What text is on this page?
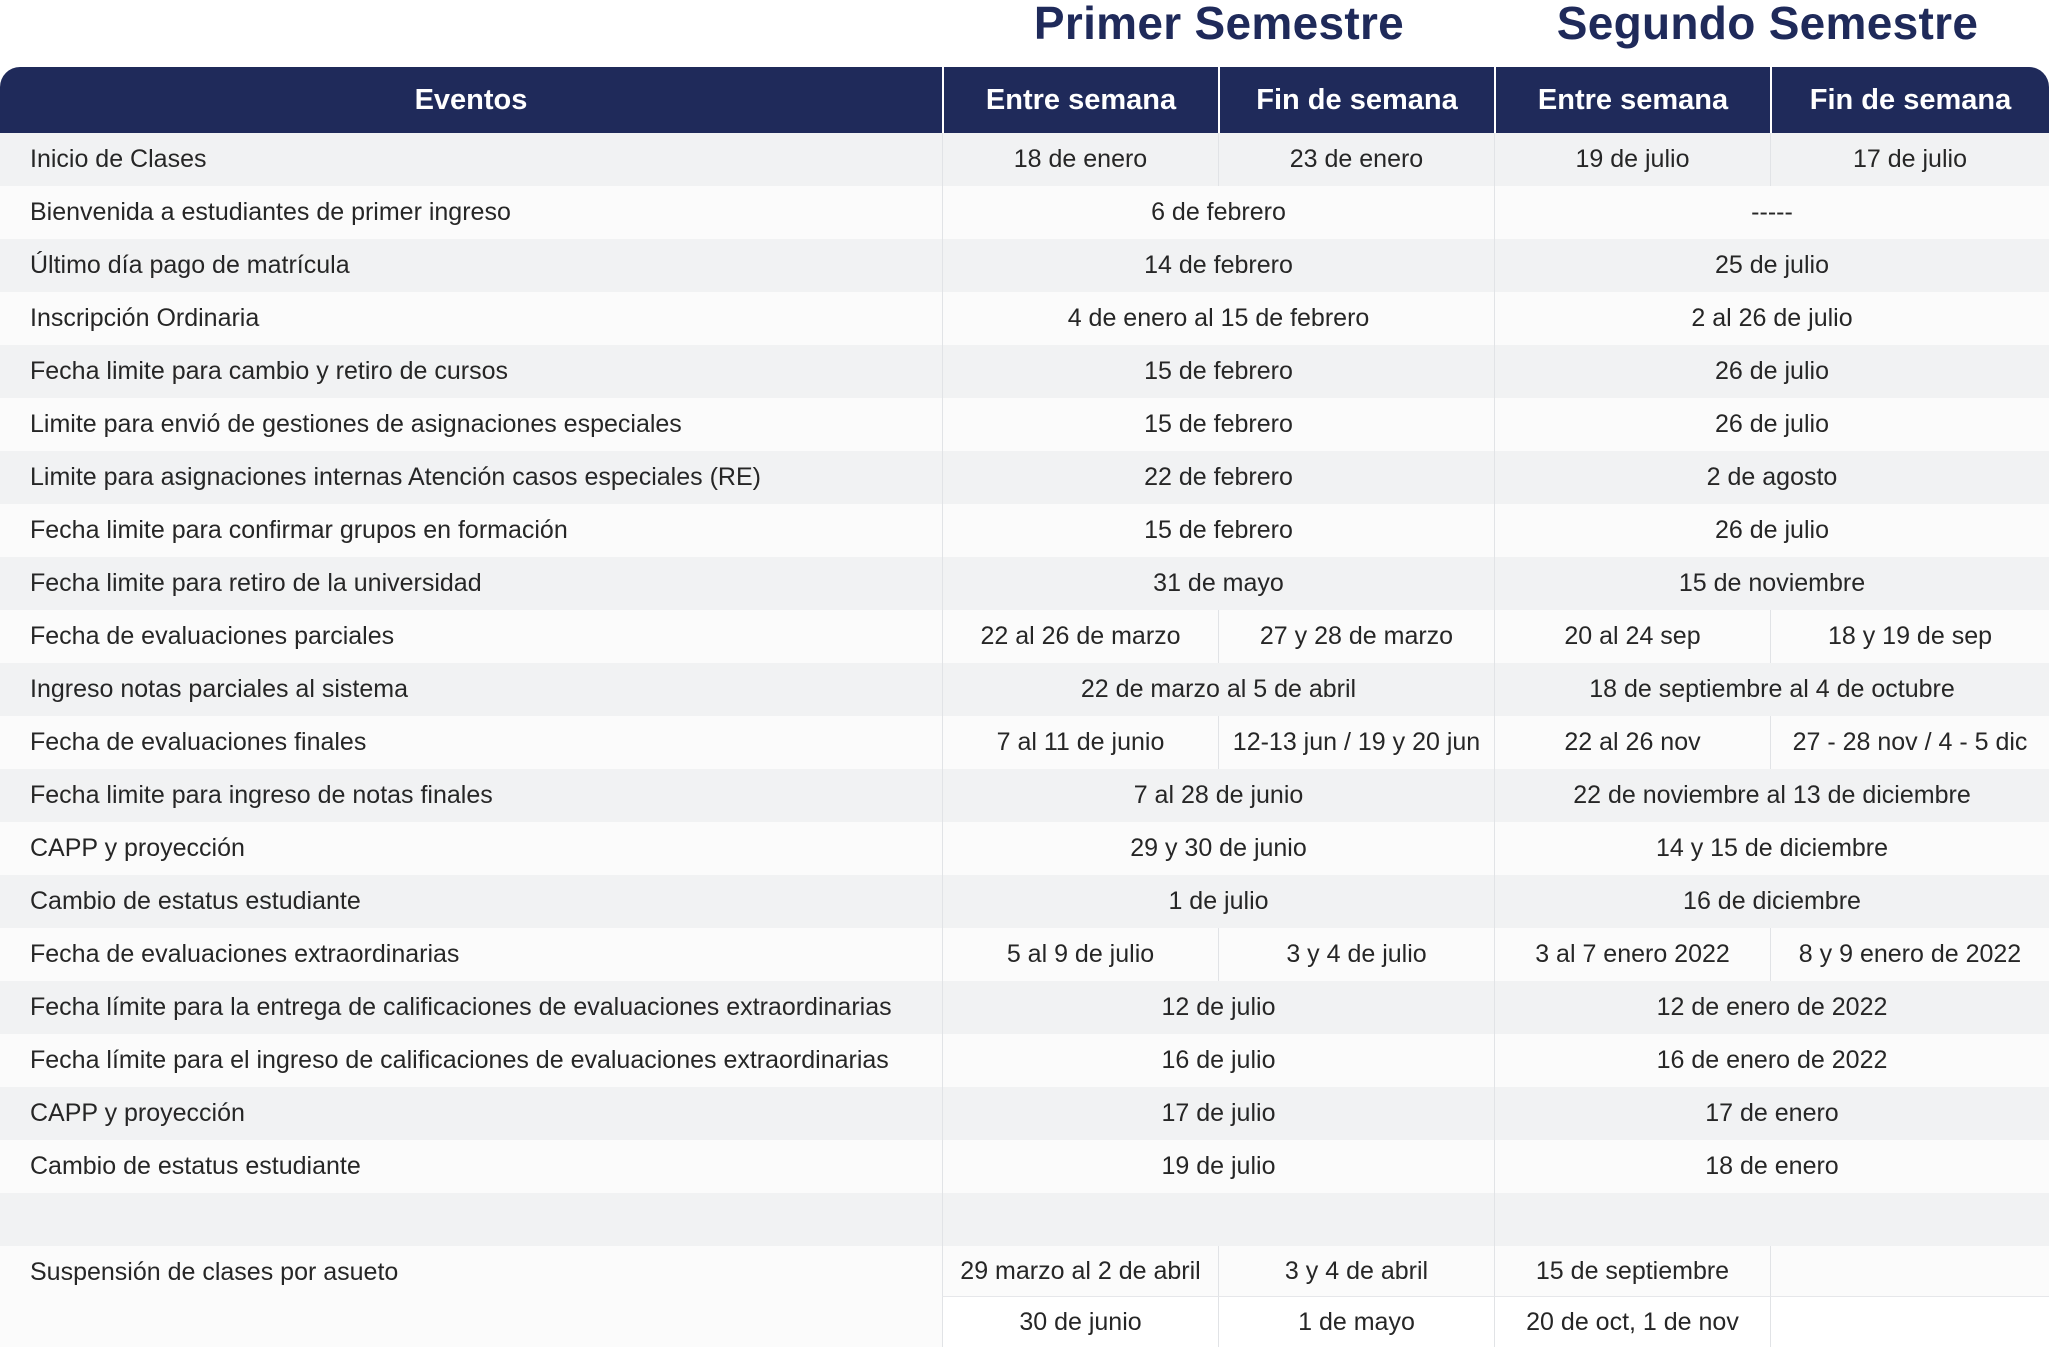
Primer Semestre	Segundo Semestre
Eventos	Entre semana	Fin de semana	Entre semana	Fin de semana
Inicio de Clases	18 de enero	23 de enero	19 de julio	17 de julio
Bienvenida a estudiantes de primer ingreso	6 de febrero		-----	
Último día pago de matrícula	14 de febrero		25 de julio	
Inscripción Ordinaria	4 de enero al 15 de febrero		2 al 26 de julio	
Fecha limite para cambio y retiro de cursos	15 de febrero		26 de julio	
Limite para envió de gestiones de asignaciones especiales	15 de febrero		26 de julio	
Limite para asignaciones internas Atención casos especiales (RE)	22 de febrero		2 de agosto	
Fecha limite para confirmar grupos en formación	15 de febrero		26 de julio	
Fecha limite para retiro de la universidad	31 de mayo		15 de noviembre	
Fecha de evaluaciones parciales	22 al 26 de marzo	27 y 28 de marzo	20 al 24 sep	18 y 19 de sep
Ingreso notas parciales al sistema	22 de marzo al 5 de abril		18 de septiembre al 4 de octubre	
Fecha de evaluaciones finales	7 al 11 de junio	12-13 jun / 19 y 20 jun	22 al 26 nov	27 - 28 nov / 4 - 5 dic
Fecha limite para ingreso de notas finales	7 al 28 de junio		22 de noviembre al 13 de diciembre	
CAPP y proyección	29 y 30 de junio		14 y 15 de diciembre	
Cambio de estatus estudiante	1 de julio		16 de diciembre	
Fecha de evaluaciones extraordinarias	5 al 9 de julio	3 y 4 de julio	3 al 7 enero 2022	8 y 9 enero de 2022
Fecha límite para la entrega de calificaciones de evaluaciones extraordinarias	12 de julio		12 de enero de 2022	
Fecha límite para el ingreso de calificaciones de evaluaciones extraordinarias	16 de julio		16 de enero de 2022	
CAPP y proyección	17 de julio		17 de enero	
Cambio de estatus estudiante	19 de julio		18 de enero	

Suspensión de clases por asueto	29 marzo al 2 de abril	3 y 4 de abril	15 de septiembre	
	30 de junio	1 de mayo	20 de oct, 1 de nov	
